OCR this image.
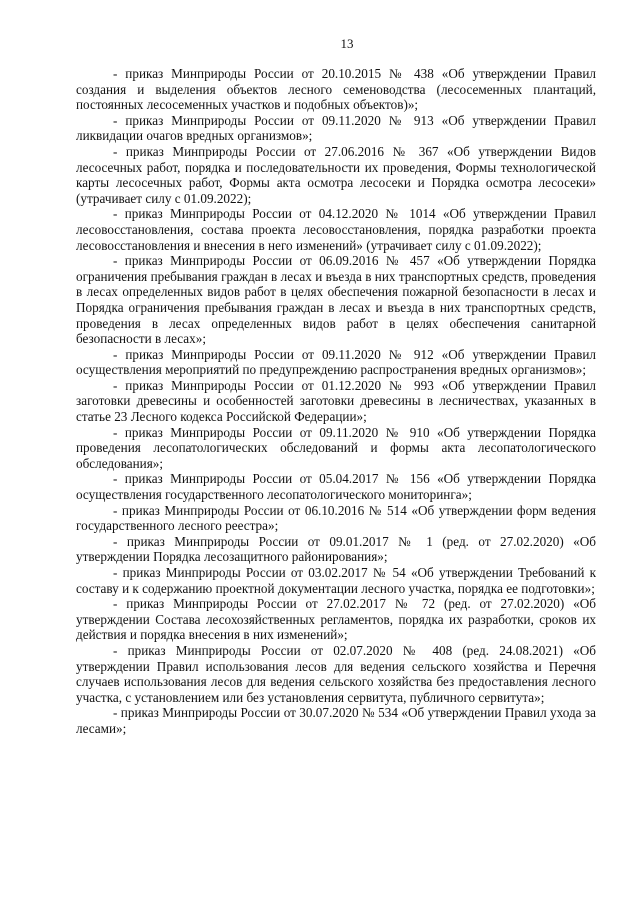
13

- приказ Минприроды России от 20.10.2015 № 438 «Об утверждении Правил создания и выделения объектов лесного семеноводства (лесосеменных плантаций, постоянных лесосеменных участков и подобных объектов)»;

- приказ Минприроды России от 09.11.2020 № 913 «Об утверждении Правил ликвидации очагов вредных организмов»;

- приказ Минприроды России от 27.06.2016 № 367 «Об утверждении Видов лесосечных работ, порядка и последовательности их проведения, Формы технологической карты лесосечных работ, Формы акта осмотра лесосеки и Порядка осмотра лесосеки» (утрачивает силу с 01.09.2022);

- приказ Минприроды России от 04.12.2020 № 1014 «Об утверждении Правил лесовосстановления, состава проекта лесовосстановления, порядка разработки проекта лесовосстановления и внесения в него изменений» (утрачивает силу с 01.09.2022);

- приказ Минприроды России от 06.09.2016 № 457 «Об утверждении Порядка ограничения пребывания граждан в лесах и въезда в них транспортных средств, проведения в лесах определенных видов работ в целях обеспечения пожарной безопасности в лесах и Порядка ограничения пребывания граждан в лесах и въезда в них транспортных средств, проведения в лесах определенных видов работ в целях обеспечения санитарной безопасности в лесах»;

- приказ Минприроды России от 09.11.2020 № 912 «Об утверждении Правил осуществления мероприятий по предупреждению распространения вредных организмов»;

- приказ Минприроды России от 01.12.2020 № 993 «Об утверждении Правил заготовки древесины и особенностей заготовки древесины в лесничествах, указанных в статье 23 Лесного кодекса Российской Федерации»;

- приказ Минприроды России от 09.11.2020 № 910 «Об утверждении Порядка проведения лесопатологических обследований и формы акта лесопатологического обследования»;

- приказ Минприроды России от 05.04.2017 № 156 «Об утверждении Порядка осуществления государственного лесопатологического мониторинга»;

- приказ Минприроды России от 06.10.2016 № 514 «Об утверждении форм ведения государственного лесного реестра»;

- приказ Минприроды России от 09.01.2017 № 1 (ред. от 27.02.2020) «Об утверждении Порядка лесозащитного районирования»;

- приказ Минприроды России от 03.02.2017 № 54 «Об утверждении Требований к составу и к содержанию проектной документации лесного участка, порядка ее подготовки»;

- приказ Минприроды России от 27.02.2017 № 72 (ред. от 27.02.2020) «Об утверждении Состава лесохозяйственных регламентов, порядка их разработки, сроков их действия и порядка внесения в них изменений»;

- приказ Минприроды России от 02.07.2020 № 408 (ред. 24.08.2021) «Об утверждении Правил использования лесов для ведения сельского хозяйства и Перечня случаев использования лесов для ведения сельского хозяйства без предоставления лесного участка, с установлением или без установления сервитута, публичного сервитута»;

- приказ Минприроды России от 30.07.2020 № 534 «Об утверждении Правил ухода за лесами»;
